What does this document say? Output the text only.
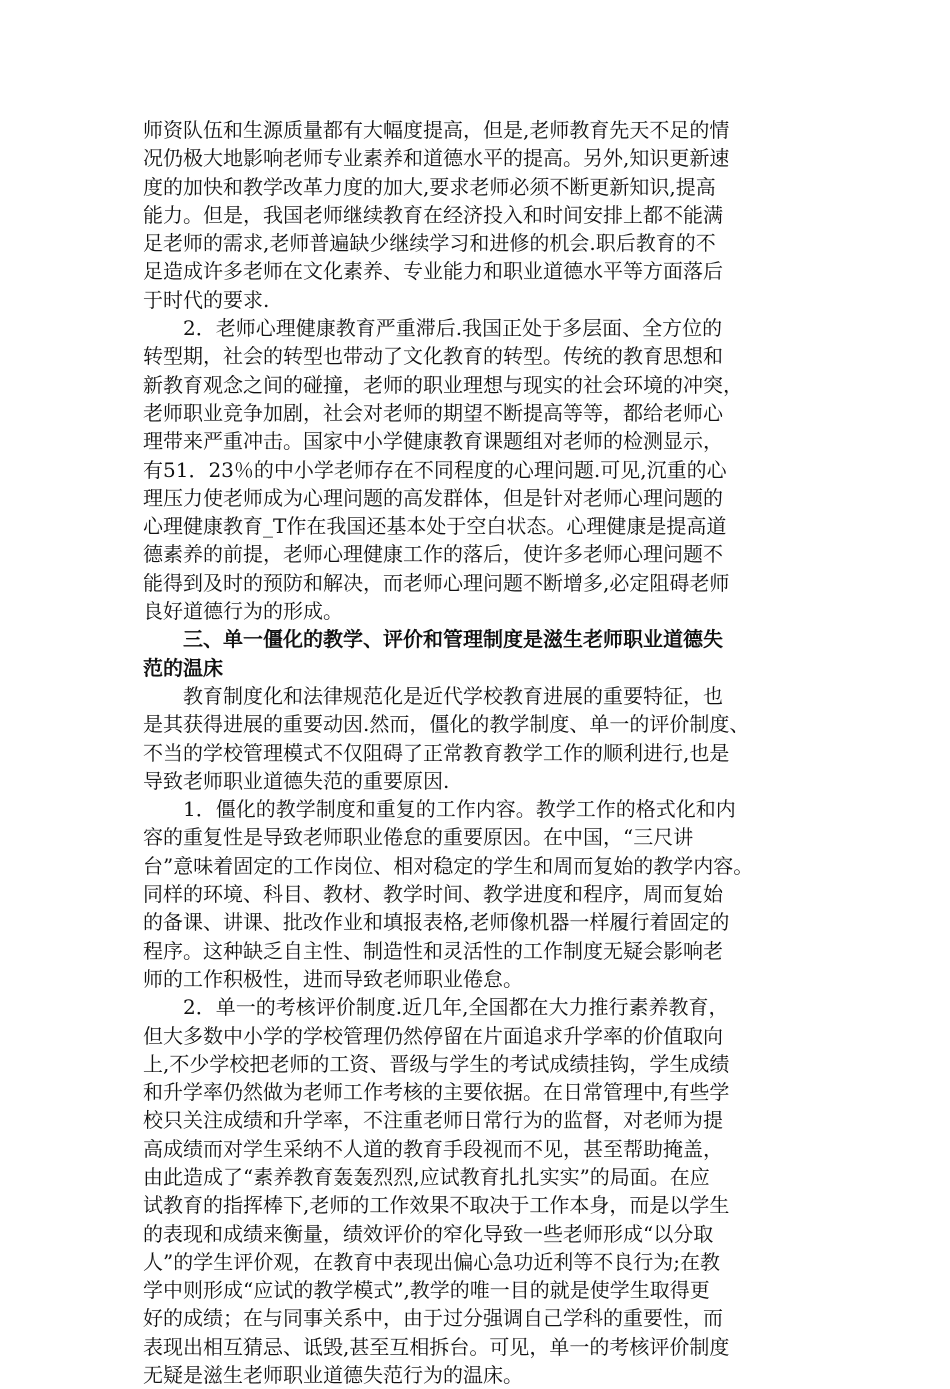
师资队伍和生源质量都有大幅度提高，但是,老师教育先天不足的情
况仍极大地影响老师专业素养和道德水平的提高。另外,知识更新速
度的加快和教学改革力度的加大,要求老师必须不断更新知识,提高
能力。但是，我国老师继续教育在经济投入和时间安排上都不能满
足老师的需求,老师普遍缺少继续学习和进修的机会.职后教育的不
足造成许多老师在文化素养、专业能力和职业道德水平等方面落后
于时代的要求.
2．老师心理健康教育严重滞后.我国正处于多层面、全方位的
转型期，社会的转型也带动了文化教育的转型。传统的教育思想和
新教育观念之间的碰撞，老师的职业理想与现实的社会环境的冲突，
老师职业竞争加剧，社会对老师的期望不断提高等等，都给老师心
理带来严重冲击。国家中小学健康教育课题组对老师的检测显示，
有51．23％的中小学老师存在不同程度的心理问题.可见,沉重的心
理压力使老师成为心理问题的高发群体，但是针对老师心理问题的
心理健康教育_T作在我国还基本处于空白状态。心理健康是提高道
德素养的前提，老师心理健康工作的落后，使许多老师心理问题不
能得到及时的预防和解决，而老师心理问题不断增多,必定阻碍老师
良好道德行为的形成。
三、单一僵化的教学、评价和管理制度是滋生老师职业道德失
范的温床
教育制度化和法律规范化是近代学校教育进展的重要特征，也
是其获得进展的重要动因.然而，僵化的教学制度、单一的评价制度、
不当的学校管理模式不仅阻碍了正常教育教学工作的顺利进行,也是
导致老师职业道德失范的重要原因.
1．僵化的教学制度和重复的工作内容。教学工作的格式化和内
容的重复性是导致老师职业倦怠的重要原因。在中国，“三尺讲
台”意味着固定的工作岗位、相对稳定的学生和周而复始的教学内容。
同样的环境、科目、教材、教学时间、教学进度和程序，周而复始
的备课、讲课、批改作业和填报表格,老师像机器一样履行着固定的
程序。这种缺乏自主性、制造性和灵活性的工作制度无疑会影响老
师的工作积极性，进而导致老师职业倦怠。
2．单一的考核评价制度.近几年,全国都在大力推行素养教育，
但大多数中小学的学校管理仍然停留在片面追求升学率的价值取向
上,不少学校把老师的工资、晋级与学生的考试成绩挂钩，学生成绩
和升学率仍然做为老师工作考核的主要依据。在日常管理中,有些学
校只关注成绩和升学率，不注重老师日常行为的监督，对老师为提
高成绩而对学生采纳不人道的教育手段视而不见，甚至帮助掩盖，
由此造成了“素养教育轰轰烈烈,应试教育扎扎实实”的局面。在应
试教育的指挥棒下,老师的工作效果不取决于工作本身，而是以学生
的表现和成绩来衡量，绩效评价的窄化导致一些老师形成“以分取
人”的学生评价观，在教育中表现出偏心急功近利等不良行为;在教
学中则形成“应试的教学模式”,教学的唯一目的就是使学生取得更
好的成绩；在与同事关系中，由于过分强调自己学科的重要性，而
表现出相互猜忌、诋毁,甚至互相拆台。可见，单一的考核评价制度
无疑是滋生老师职业道德失范行为的温床。
